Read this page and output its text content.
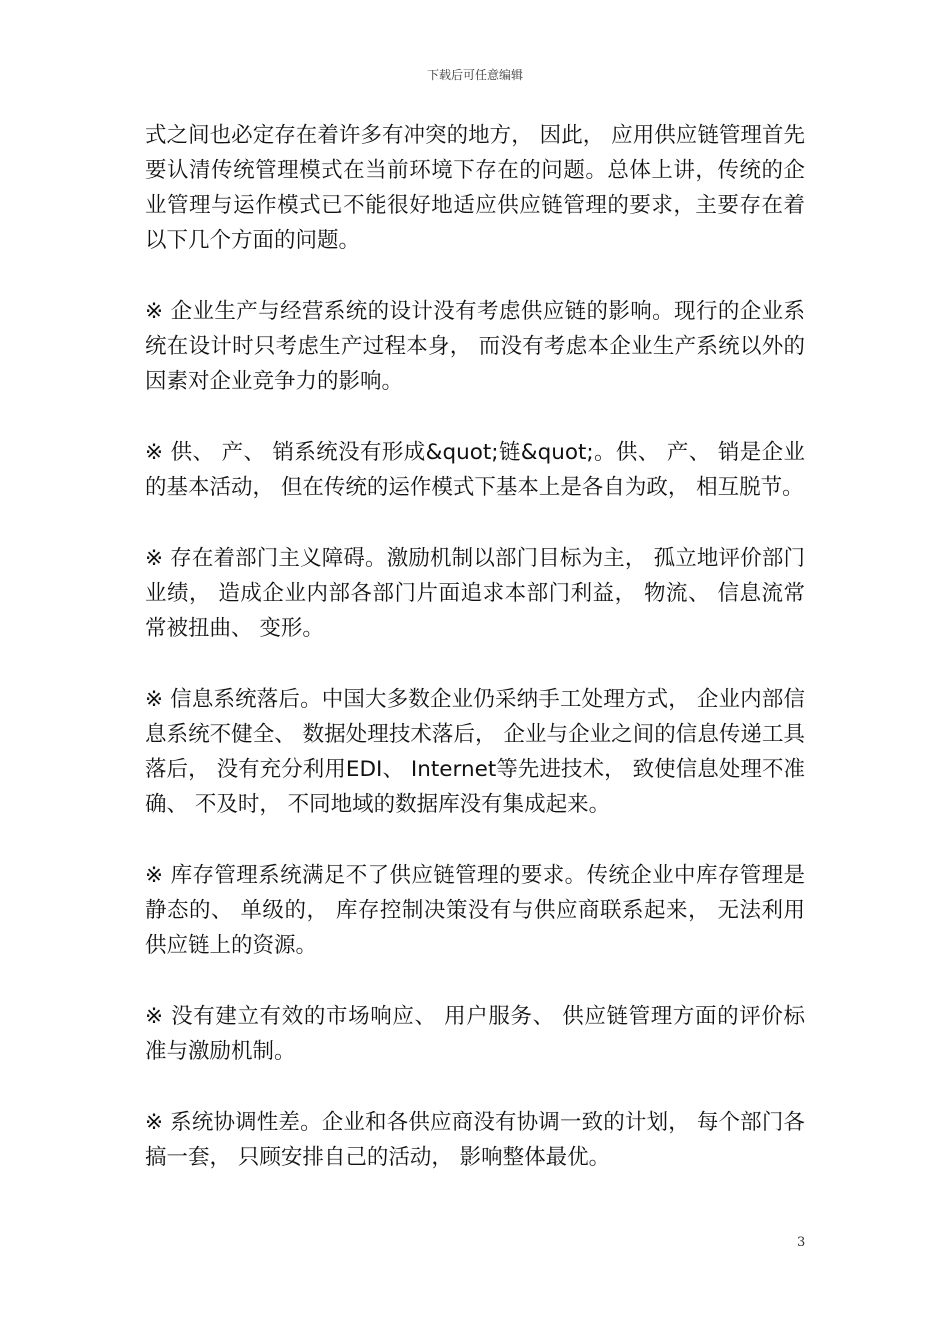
下载后可任意编辑

式之间也必定存在着许多有冲突的地方， 因此， 应用供应链管理首先要认清传统管理模式在当前环境下存在的问题。总体上讲，传统的企业管理与运作模式已不能很好地适应供应链管理的要求，主要存在着以下几个方面的问题。

※ 企业生产与经营系统的设计没有考虑供应链的影响。现行的企业系统在设计时只考虑生产过程本身， 而没有考虑本企业生产系统以外的因素对企业竞争力的影响。

※ 供、 产、 销系统没有形成&quot;链&quot;。供、 产、 销是企业的基本活动， 但在传统的运作模式下基本上是各自为政， 相互脱节。

※ 存在着部门主义障碍。激励机制以部门目标为主， 孤立地评价部门业绩， 造成企业内部各部门片面追求本部门利益， 物流、 信息流常常被扭曲、 变形。

※ 信息系统落后。中国大多数企业仍采纳手工处理方式， 企业内部信息系统不健全、 数据处理技术落后， 企业与企业之间的信息传递工具落后， 没有充分利用EDI、 Internet等先进技术， 致使信息处理不准确、 不及时， 不同地域的数据库没有集成起来。

※ 库存管理系统满足不了供应链管理的要求。传统企业中库存管理是静态的、 单级的， 库存控制决策没有与供应商联系起来， 无法利用供应链上的资源。

※ 没有建立有效的市场响应、 用户服务、 供应链管理方面的评价标准与激励机制。

※ 系统协调性差。企业和各供应商没有协调一致的计划， 每个部门各搞一套， 只顾安排自己的活动， 影响整体最优。

3
